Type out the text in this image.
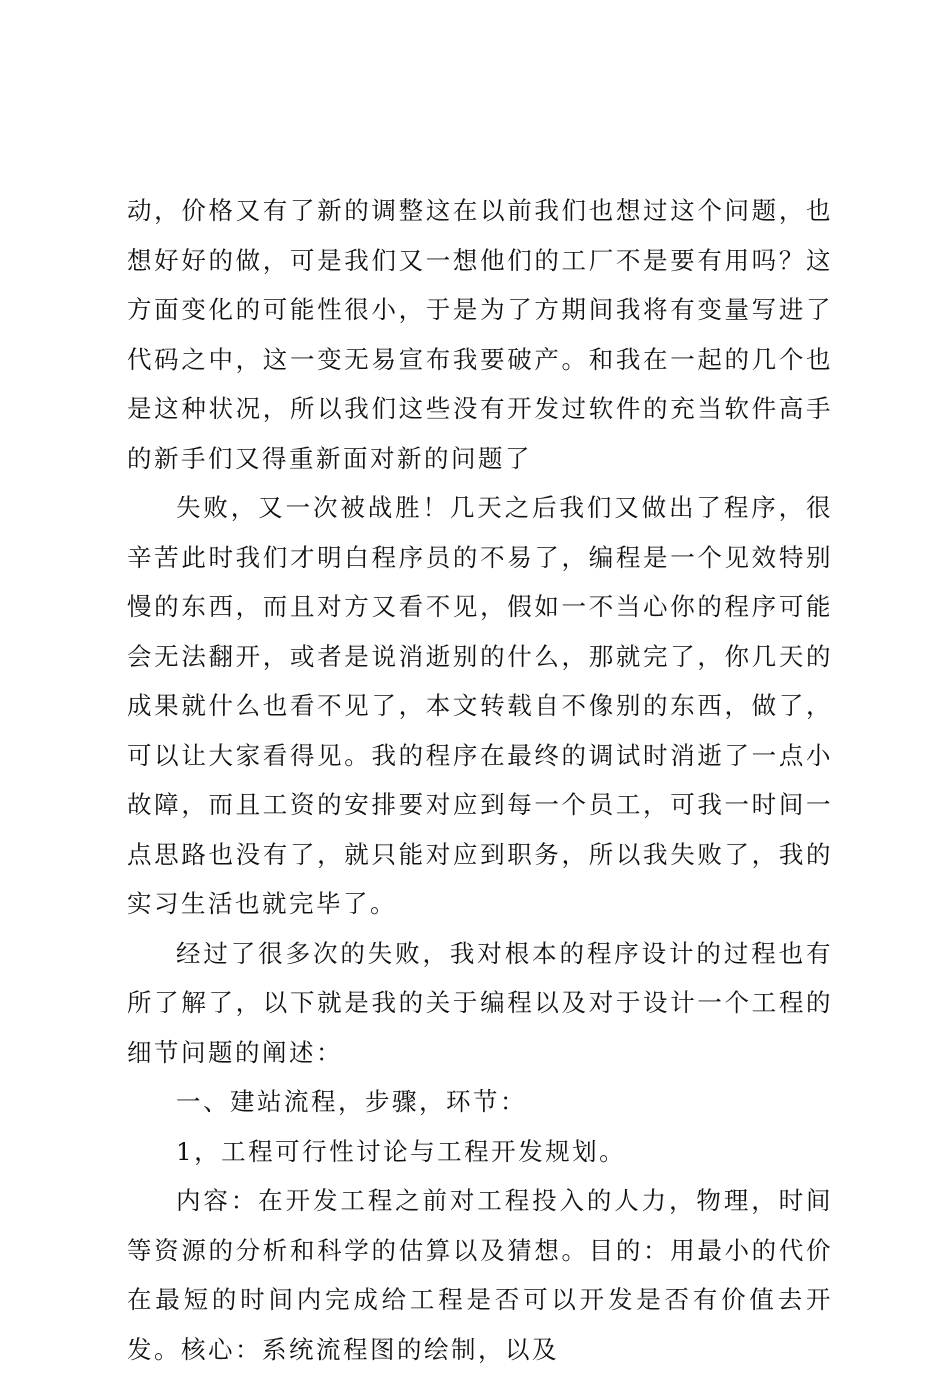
动，价格又有了新的调整这在以前我们也想过这个问题，也想好好的做，可是我们又一想他们的工厂不是要有用吗？这方面变化的可能性很小，于是为了方期间我将有变量写进了代码之中，这一变无易宣布我要破产。和我在一起的几个也是这种状况，所以我们这些没有开发过软件的充当软件高手的新手们又得重新面对新的问题了

失败，又一次被战胜！几天之后我们又做出了程序，很辛苦此时我们才明白程序员的不易了，编程是一个见效特别慢的东西，而且对方又看不见，假如一不当心你的程序可能会无法翻开，或者是说消逝别的什么，那就完了，你几天的成果就什么也看不见了，本文转载自不像别的东西，做了，可以让大家看得见。我的程序在最终的调试时消逝了一点小故障，而且工资的安排要对应到每一个员工，可我一时间一点思路也没有了，就只能对应到职务，所以我失败了，我的实习生活也就完毕了。

经过了很多次的失败，我对根本的程序设计的过程也有所了解了，以下就是我的关于编程以及对于设计一个工程的细节问题的阐述：

一、建站流程，步骤，环节：

1，工程可行性讨论与工程开发规划。

内容：在开发工程之前对工程投入的人力，物理，时间等资源的分析和科学的估算以及猜想。目的：用最小的代价在最短的时间内完成给工程是否可以开发是否有价值去开发。核心：系统流程图的绘制，以及
